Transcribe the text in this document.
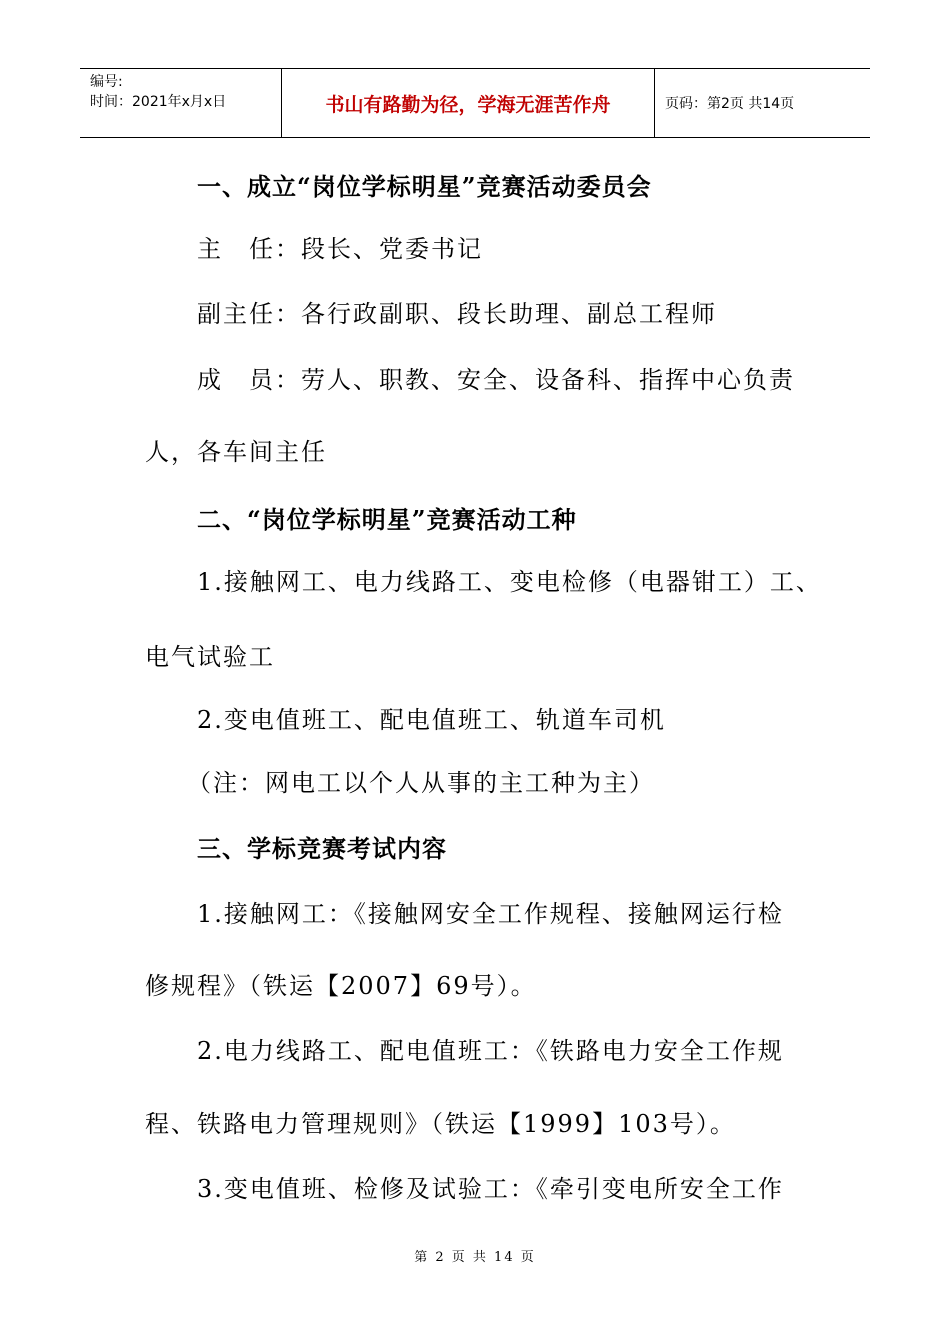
编号:
时间：2021年x月x日	书山有路勤为径，学海无涯苦作舟	页码：第2页 共14页
一、成立“岗位学标明星”竞赛活动委员会
主　任：段长、党委书记
副主任：各行政副职、段长助理、副总工程师
成　员：劳人、职教、安全、设备科、指挥中心负责
人，各车间主任
二、“岗位学标明星”竞赛活动工种
1.接触网工、电力线路工、变电检修（电器钳工）工、
电气试验工
2.变电值班工、配电值班工、轨道车司机
（注：网电工以个人从事的主工种为主）
三、学标竞赛考试内容
1.接触网工：《接触网安全工作规程、接触网运行检
修规程》（铁运【2007】69号）。
2.电力线路工、配电值班工：《铁路电力安全工作规
程、铁路电力管理规则》（铁运【1999】103号）。
3.变电值班、检修及试验工：《牵引变电所安全工作
第 2 页 共 14 页
